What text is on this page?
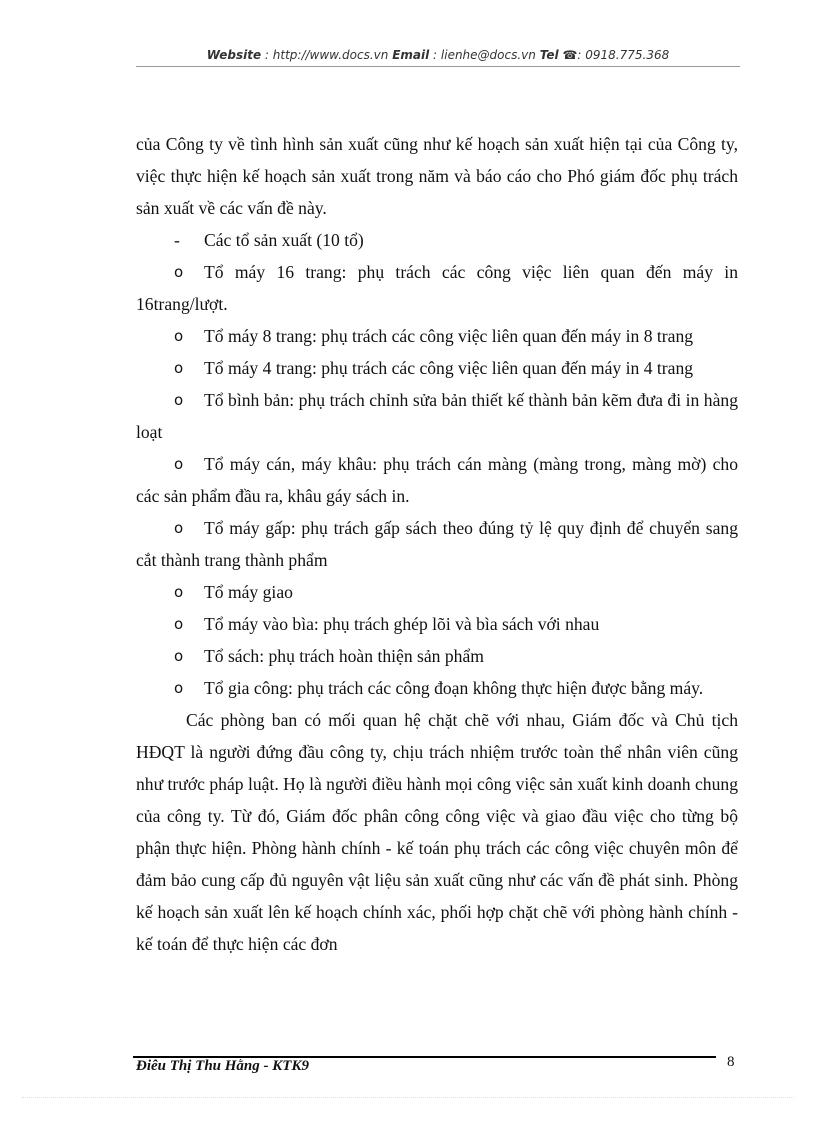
Website : http://www.docs.vn Email : lienhe@docs.vn Tel ☎: 0918.775.368

của Công ty về tình hình sản xuất cũng như kế hoạch sản xuất hiện tại của Công ty, việc thực hiện kế hoạch sản xuất trong năm và báo cáo cho Phó giám đốc phụ trách sản xuất về các vấn đề này.

-	Các tổ sản xuất (10 tổ)

o	Tổ máy 16 trang: phụ trách các công việc liên quan đến máy in 16trang/lượt.

o	Tổ máy 8 trang: phụ trách các công việc liên quan đến máy in 8 trang

o	Tổ máy 4 trang: phụ trách các công việc liên quan đến máy in 4 trang

o	Tổ bình bản: phụ trách chỉnh sửa bản thiết kế thành bản kẽm đưa đi in hàng loạt

o	Tổ máy cán, máy khâu: phụ trách cán màng (màng trong, màng mờ) cho các sản phẩm đầu ra, khâu gáy sách in.

o	Tổ máy gấp: phụ trách gấp sách theo đúng tỷ lệ quy định để chuyển sang cắt thành trang thành phẩm

o	Tổ máy giao

o	Tổ máy vào bìa: phụ trách ghép lõi và bìa sách với nhau

o	Tổ sách: phụ trách hoàn thiện sản phẩm

o	Tổ gia công: phụ trách các công đoạn không thực hiện được bằng máy.

Các phòng ban có mối quan hệ chặt chẽ với nhau, Giám đốc và Chủ tịch HĐQT là người đứng đầu công ty, chịu trách nhiệm trước toàn thể nhân viên cũng như trước pháp luật. Họ là người điều hành mọi công việc sản xuất kinh doanh chung của công ty. Từ đó, Giám đốc phân công công việc và giao đầu việc cho từng bộ phận thực hiện. Phòng hành chính - kế toán phụ trách các công việc chuyên môn để đảm bảo cung cấp đủ nguyên vật liệu sản xuất cũng như các vấn đề phát sinh. Phòng kế hoạch sản xuất lên kế hoạch chính xác, phối hợp chặt chẽ với phòng hành chính - kế toán để thực hiện các đơn

Điêu Thị Thu Hằng - KTK9	8
